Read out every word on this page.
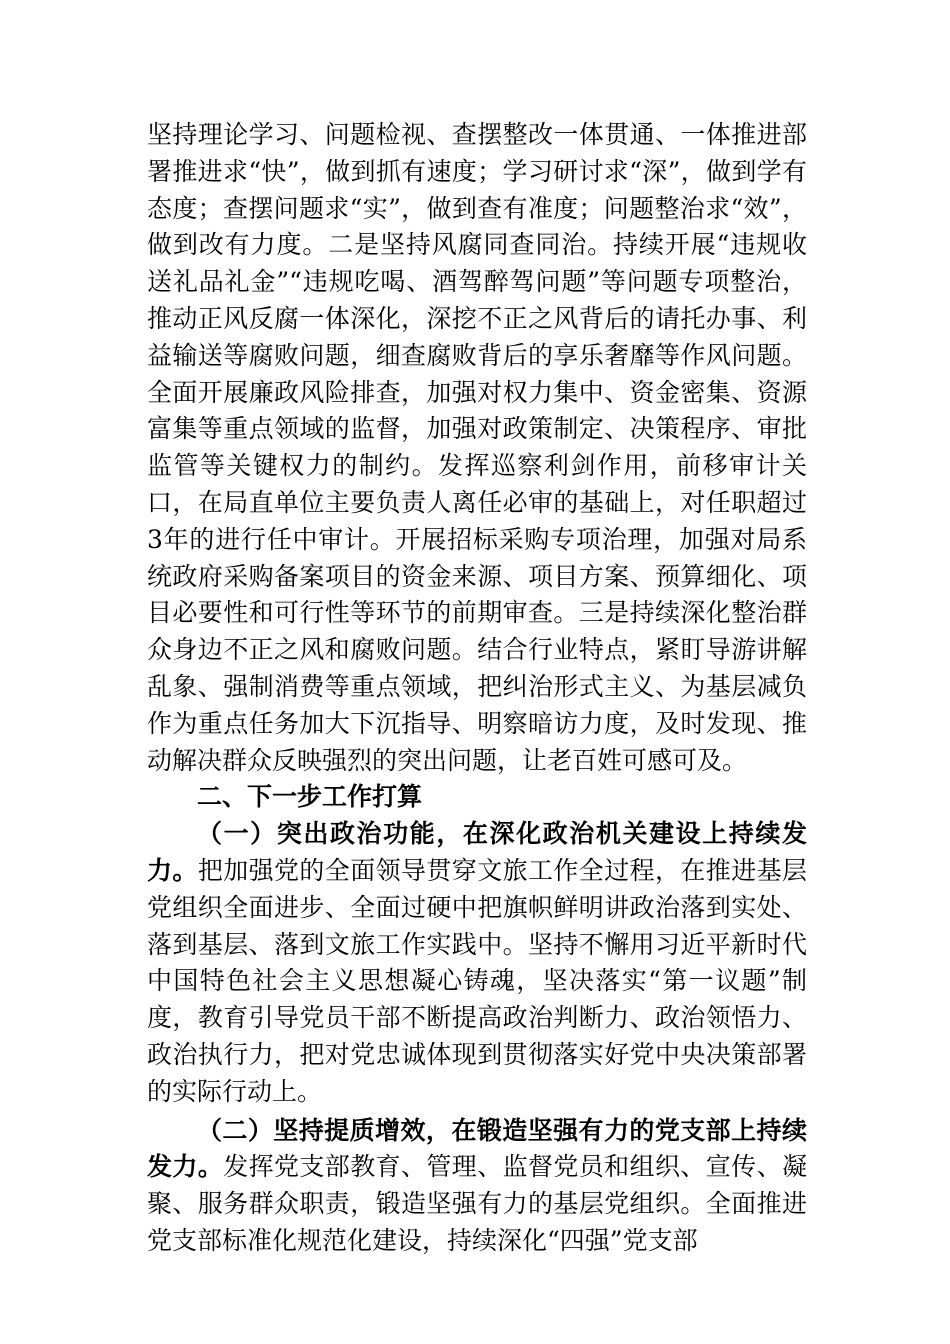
坚持理论学习、问题检视、查摆整改一体贯通、一体推进部署推进求“快”，做到抓有速度；学习研讨求“深”，做到学有态度；查摆问题求“实”，做到查有准度；问题整治求“效”，做到改有力度。二是坚持风腐同查同治。持续开展“违规收送礼品礼金”“违规吃喝、酒驾醉驾问题”等问题专项整治，推动正风反腐一体深化，深挖不正之风背后的请托办事、利益输送等腐败问题，细查腐败背后的享乐奢靡等作风问题。全面开展廉政风险排查，加强对权力集中、资金密集、资源富集等重点领域的监督，加强对政策制定、决策程序、审批监管等关键权力的制约。发挥巡察利剑作用，前移审计关口，在局直单位主要负责人离任必审的基础上，对任职超过3年的进行任中审计。开展招标采购专项治理，加强对局系统政府采购备案项目的资金来源、项目方案、预算细化、项目必要性和可行性等环节的前期审查。三是持续深化整治群众身边不正之风和腐败问题。结合行业特点，紧盯导游讲解乱象、强制消费等重点领域，把纠治形式主义、为基层减负作为重点任务加大下沉指导、明察暗访力度，及时发现、推动解决群众反映强烈的突出问题，让老百姓可感可及。

二、下一步工作打算

（一）突出政治功能，在深化政治机关建设上持续发力。把加强党的全面领导贯穿文旅工作全过程，在推进基层党组织全面进步、全面过硬中把旗帜鲜明讲政治落到实处、落到基层、落到文旅工作实践中。坚持不懈用习近平新时代中国特色社会主义思想凝心铸魂，坚决落实“第一议题”制度，教育引导党员干部不断提高政治判断力、政治领悟力、政治执行力，把对党忠诚体现到贯彻落实好党中央决策部署的实际行动上。

（二）坚持提质增效，在锻造坚强有力的党支部上持续发力。发挥党支部教育、管理、监督党员和组织、宣传、凝聚、服务群众职责，锻造坚强有力的基层党组织。全面推进党支部标准化规范化建设，持续深化“四强”党支部
